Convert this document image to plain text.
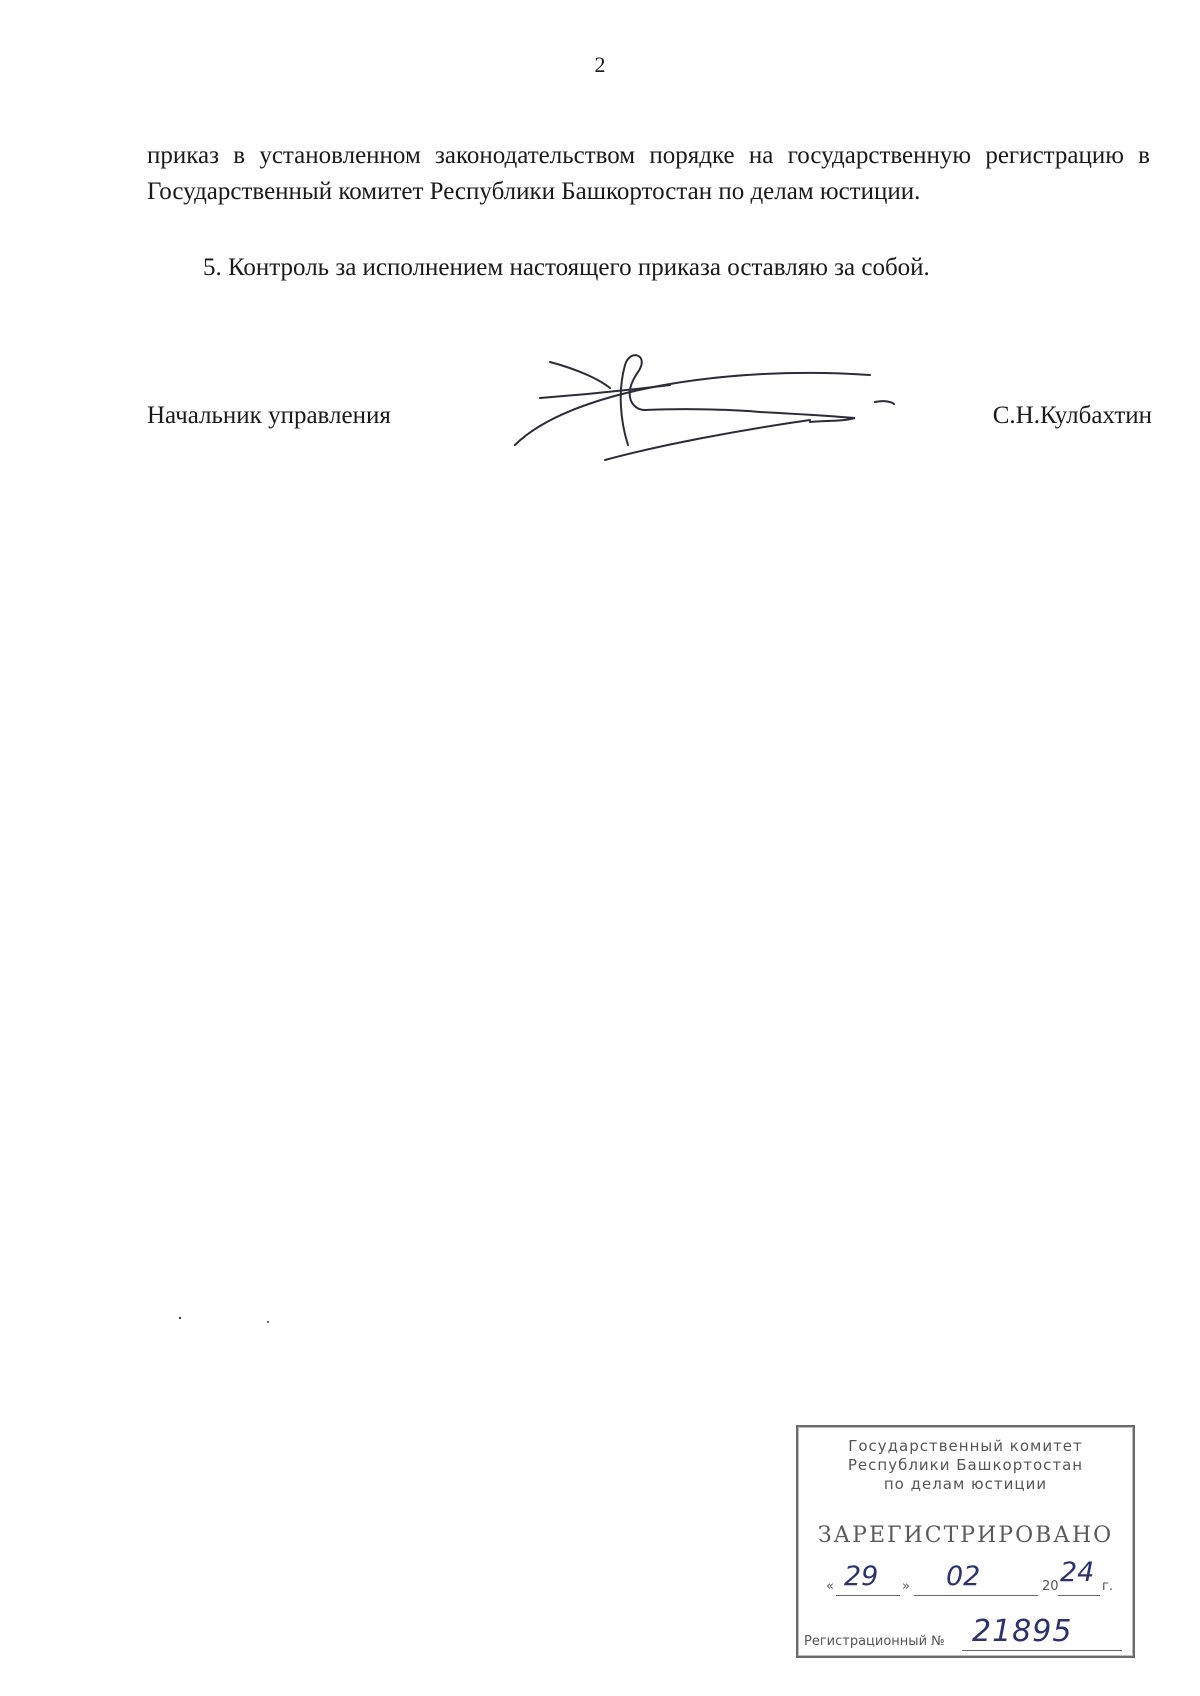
2

приказ в установленном законодательством порядке на государственную регистрацию в Государственный комитет Республики Башкортостан по делам юстиции.

5. Контроль за исполнением настоящего приказа оставляю за собой.

Начальник управления	С.Н.Кулбахтин
Государственный комитет
Республики Башкортостан
по делам юстиции
ЗАРЕГИСТРИРОВАНО
« 29 » 02	20 24 г.
Регистрационный № 21895
